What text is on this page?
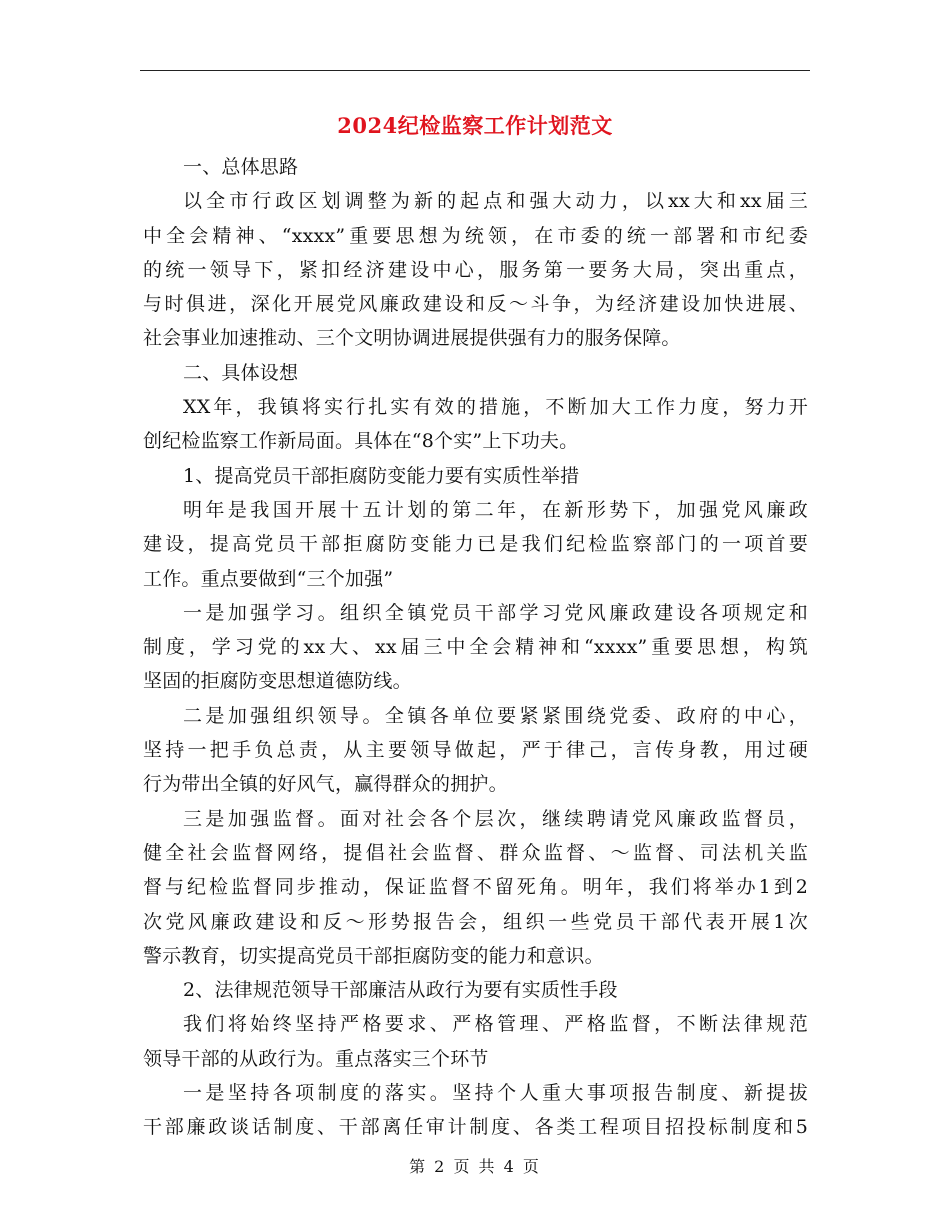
2024纪检监察工作计划范文
一、总体思路
以全市行政区划调整为新的起点和强大动力，以xx大和xx届三
中全会精神、“xxxx”重要思想为统领，在市委的统一部署和市纪委
的统一领导下，紧扣经济建设中心，服务第一要务大局，突出重点，
与时俱进，深化开展党风廉政建设和反～斗争，为经济建设加快进展、
社会事业加速推动、三个文明协调进展提供强有力的服务保障。
二、具体设想
XX年，我镇将实行扎实有效的措施，不断加大工作力度，努力开
创纪检监察工作新局面。具体在“8个实”上下功夫。
1、提高党员干部拒腐防变能力要有实质性举措
明年是我国开展十五计划的第二年，在新形势下，加强党风廉政
建设，提高党员干部拒腐防变能力已是我们纪检监察部门的一项首要
工作。重点要做到“三个加强”
一是加强学习。组织全镇党员干部学习党风廉政建设各项规定和
制度，学习党的xx大、xx届三中全会精神和“xxxx”重要思想，构筑
坚固的拒腐防变思想道德防线。
二是加强组织领导。全镇各单位要紧紧围绕党委、政府的中心，
坚持一把手负总责，从主要领导做起，严于律己，言传身教，用过硬
行为带出全镇的好风气，赢得群众的拥护。
三是加强监督。面对社会各个层次，继续聘请党风廉政监督员，
健全社会监督网络，提倡社会监督、群众监督、～监督、司法机关监
督与纪检监督同步推动，保证监督不留死角。明年，我们将举办1到2
次党风廉政建设和反～形势报告会，组织一些党员干部代表开展1次
警示教育，切实提高党员干部拒腐防变的能力和意识。
2、法律规范领导干部廉洁从政行为要有实质性手段
我们将始终坚持严格要求、严格管理、严格监督，不断法律规范
领导干部的从政行为。重点落实三个环节
一是坚持各项制度的落实。坚持个人重大事项报告制度、新提拔
干部廉政谈话制度、干部离任审计制度、各类工程项目招投标制度和5
第 2 页 共 4 页
